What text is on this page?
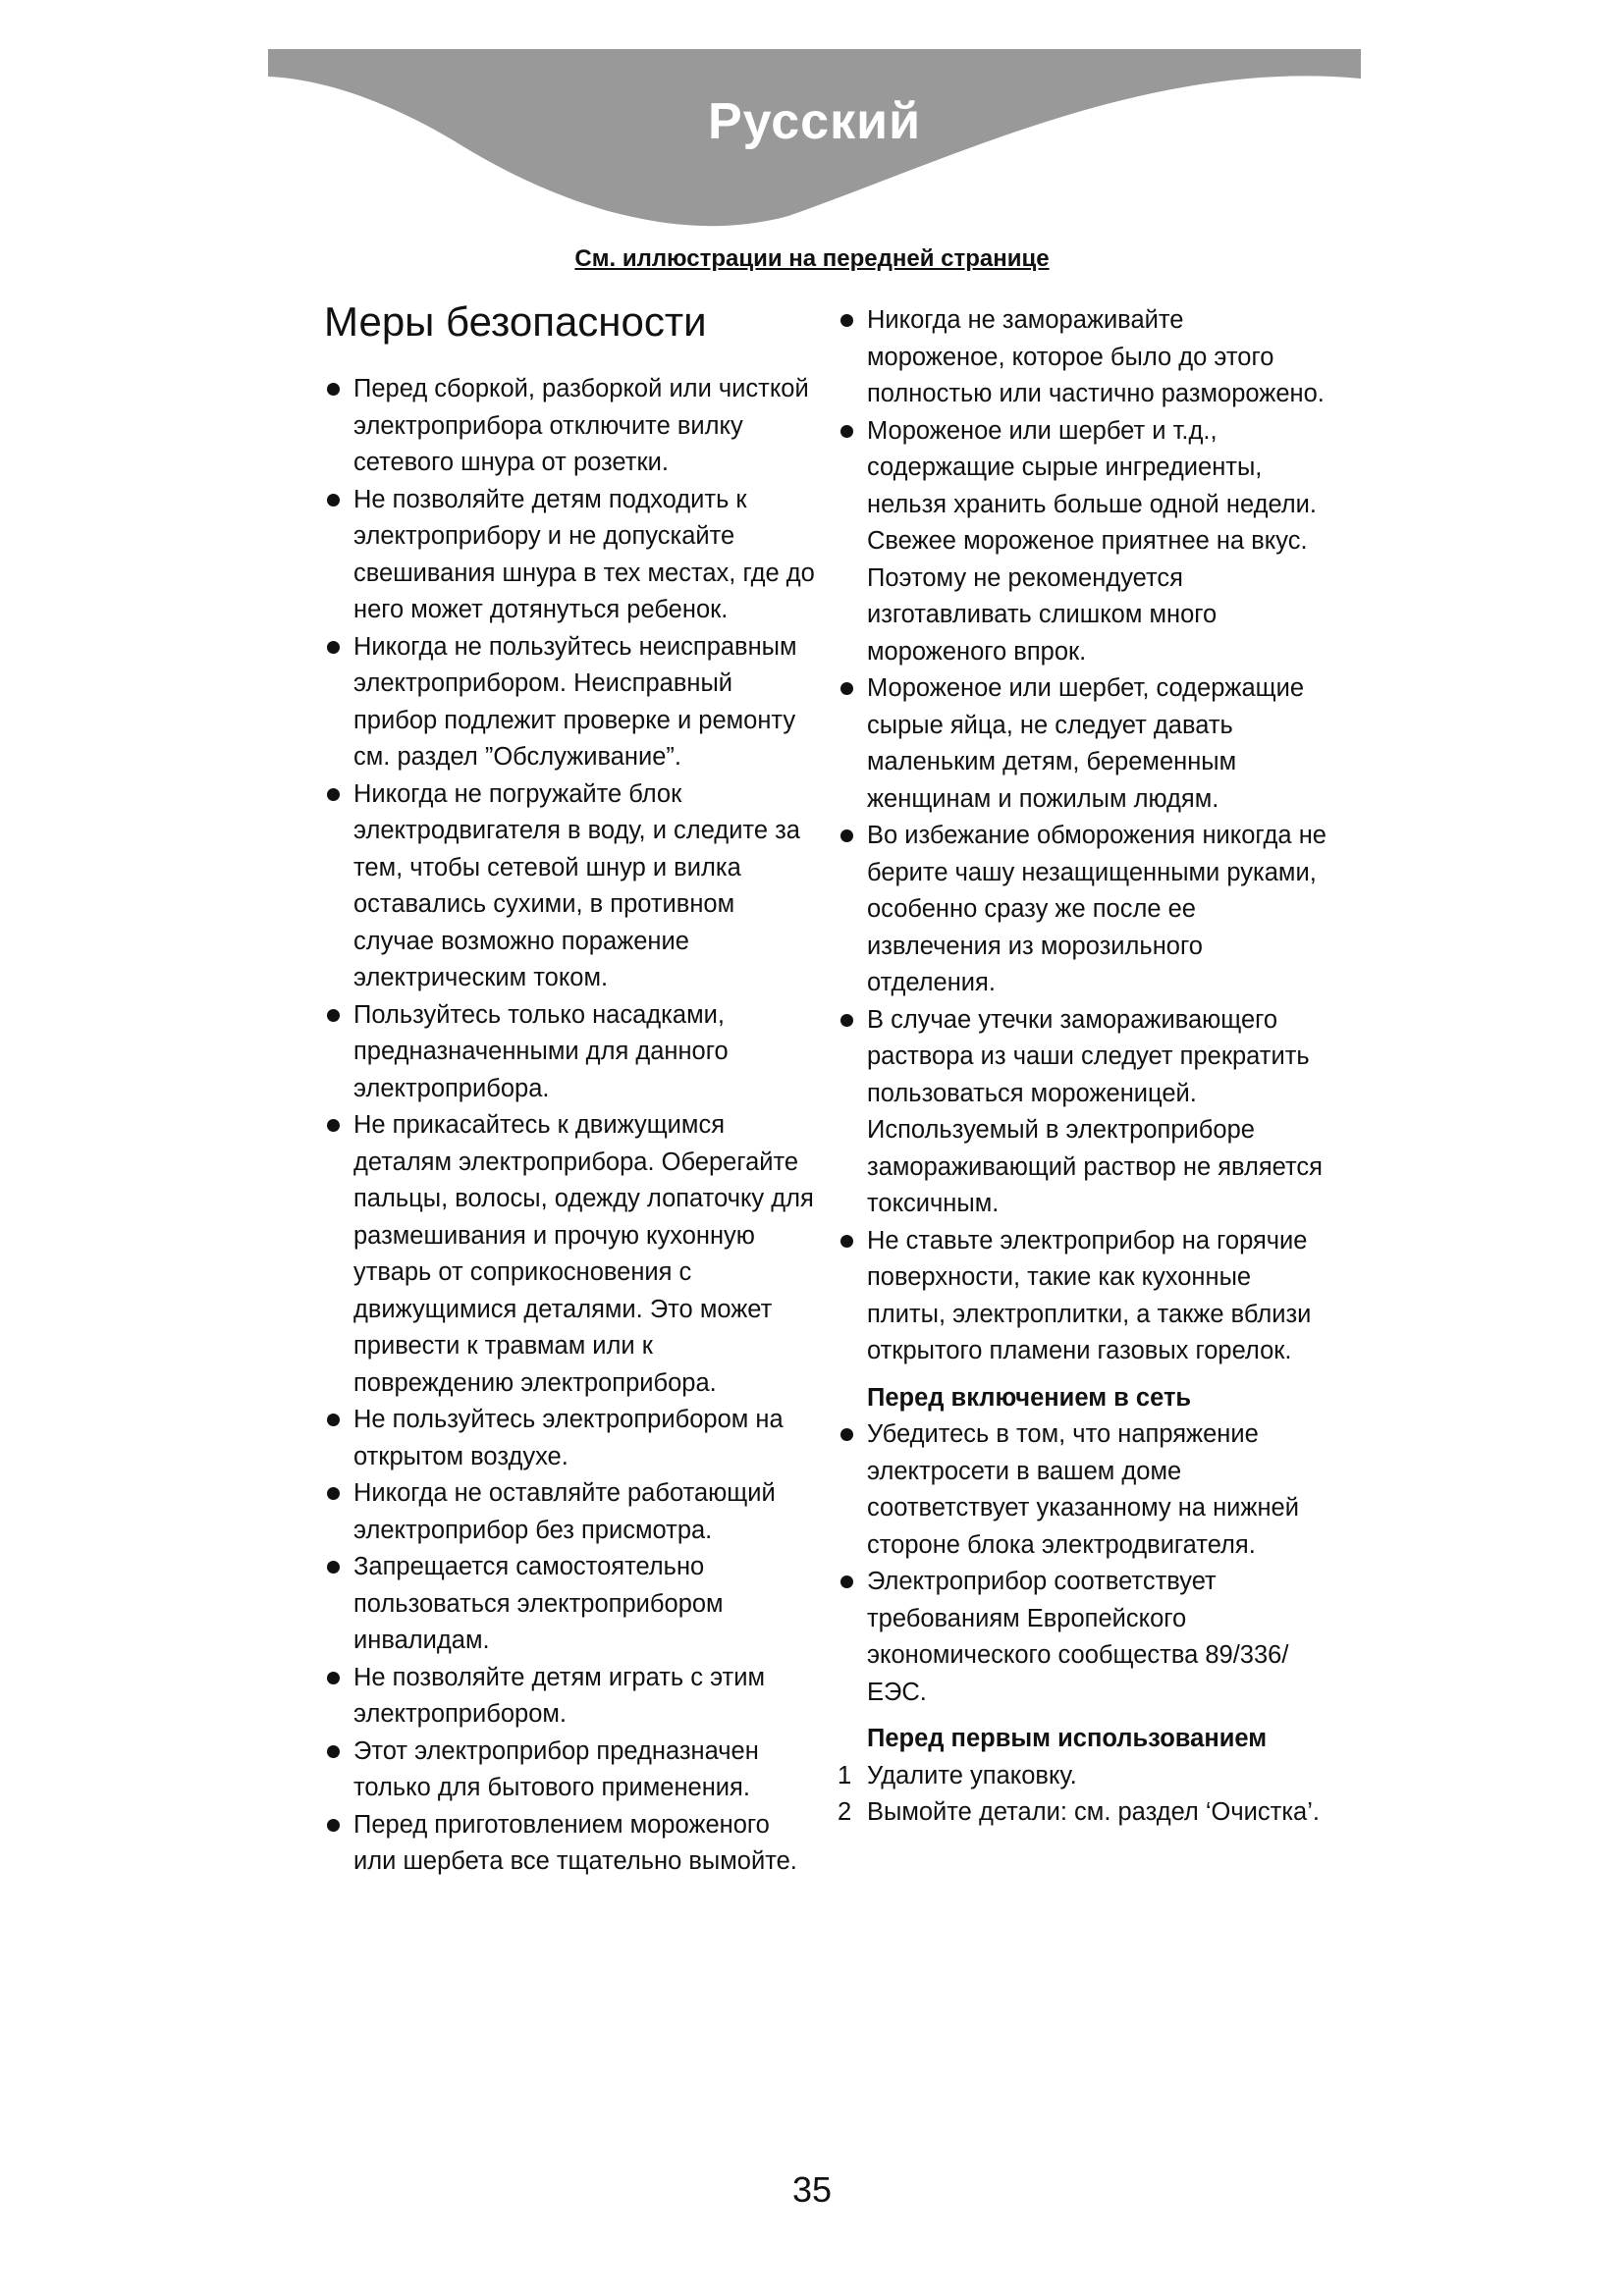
Русский
См. иллюстрации на передней странице
Меры безопасности
Перед сборкой, разборкой или чисткой электроприбора отключите вилку сетевого шнура от розетки.
Не позволяйте детям подходить к электроприбору и не допускайте свешивания шнура в тех местах, где до него может дотянуться ребенок.
Никогда не пользуйтесь неисправным электроприбором. Неисправный прибор подлежит проверке и ремонту см. раздел ”Обслуживание”.
Никогда не погружайте блок электродвигателя в воду, и следите за тем, чтобы сетевой шнур и вилка оставались сухими, в противном случае возможно поражение электрическим током.
Пользуйтесь только насадками, предназначенными для данного электроприбора.
Не прикасайтесь к движущимся деталям электроприбора. Оберегайте пальцы, волосы, одежду лопаточку для размешивания и прочую кухонную утварь от соприкосновения с движущимися деталями. Это может привести к травмам или к повреждению электроприбора.
Не пользуйтесь электроприбором на открытом воздухе.
Никогда не оставляйте работающий электроприбор без присмотра.
Запрещается самостоятельно пользоваться электроприбором инвалидам.
Не позволяйте детям играть с этим электроприбором.
Этот электроприбор предназначен только для бытового применения.
Перед приготовлением мороженого или шербета все тщательно вымойте.
Никогда не замораживайте мороженое, которое было до этого полностью или частично разморожено.
Мороженое или шербет и т.д., содержащие сырые ингредиенты, нельзя хранить больше одной недели. Свежее мороженое приятнее на вкус. Поэтому не рекомендуется изготавливать слишком много мороженого впрок.
Мороженое или шербет, содержащие сырые яйца, не следует давать маленьким детям, беременным женщинам и пожилым людям.
Во избежание обморожения никогда не берите чашу незащищенными руками, особенно сразу же после ее извлечения из морозильного отделения.
В случае утечки замораживающего раствора из чаши следует прекратить пользоваться мороженицей. Используемый в электроприборе замораживающий раствор не является токсичным.
Не ставьте электроприбор на горячие поверхности, такие как кухонные плиты, электроплитки, а также вблизи открытого пламени газовых горелок.
Перед включением в сеть
Убедитесь в том, что напряжение электросети в вашем доме соответствует указанному на нижней стороне блока электродвигателя.
Электроприбор соответствует требованиям Европейского экономического сообщества 89/336/ЕЭС.
Перед первым использованием
1 Удалите упаковку.
2 Вымойте детали: см. раздел ‘Очистка’.
35
